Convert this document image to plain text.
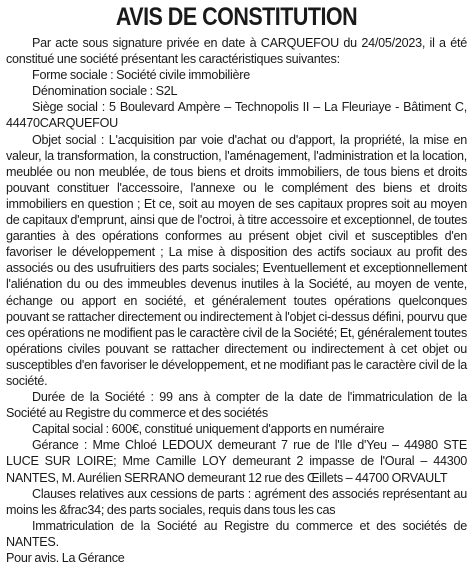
AVIS DE CONSTITUTION

Par acte sous signature privée en date à CARQUEFOU du 24/05/2023, il a été constitué une société présentant les caractéristiques suivantes:

Forme sociale : Société civile immobilière

Dénomination sociale : S2L

Siège social : 5 Boulevard Ampère – Technopolis II – La Fleuriaye - Bâtiment C, 44470CARQUEFOU

Objet social : L'acquisition par voie d'achat ou d'apport, la propriété, la mise en valeur, la transformation, la construction, l'aménagement, l'administration et la location, meublée ou non meublée, de tous biens et droits immobiliers, de tous biens et droits pouvant constituer l'accessoire, l'annexe ou le complément des biens et droits immobiliers en question ; Et ce, soit au moyen de ses capitaux propres soit au moyen de capitaux d'emprunt, ainsi que de l'octroi, à titre accessoire et exceptionnel, de toutes garanties à des opérations conformes au présent objet civil et susceptibles d'en favoriser le développement ; La mise à disposition des actifs sociaux au profit des associés ou des usufruitiers des parts sociales; Eventuellement et exceptionnellement l'aliénation du ou des immeubles devenus inutiles à la Société, au moyen de vente, échange ou apport en société, et généralement toutes opérations quelconques pouvant se rattacher directement ou indirectement à l'objet ci-dessus défini, pourvu que ces opérations ne modifient pas le caractère civil de la Société; Et, généralement toutes opérations civiles pouvant se rattacher directement ou indirectement à cet objet ou susceptibles d'en favoriser le développement, et ne modifiant pas le caractère civil de la société.

Durée de la Société : 99 ans à compter de la date de l'immatriculation de la Société au Registre du commerce et des sociétés

Capital social : 600€, constitué uniquement d'apports en numéraire

Gérance : Mme Chloé LEDOUX demeurant 7 rue de l'Ile d'Yeu – 44980 STE LUCE SUR LOIRE; Mme Camille LOY demeurant 2 impasse de l'Oural – 44300 NANTES, M. Aurélien SERRANO demeurant 12 rue des Œillets – 44700 ORVAULT

Clauses relatives aux cessions de parts : agrément des associés représentant au moins les &frac34; des parts sociales, requis dans tous les cas

Immatriculation de la Société au Registre du commerce et des sociétés de NANTES.

Pour avis. La Gérance
